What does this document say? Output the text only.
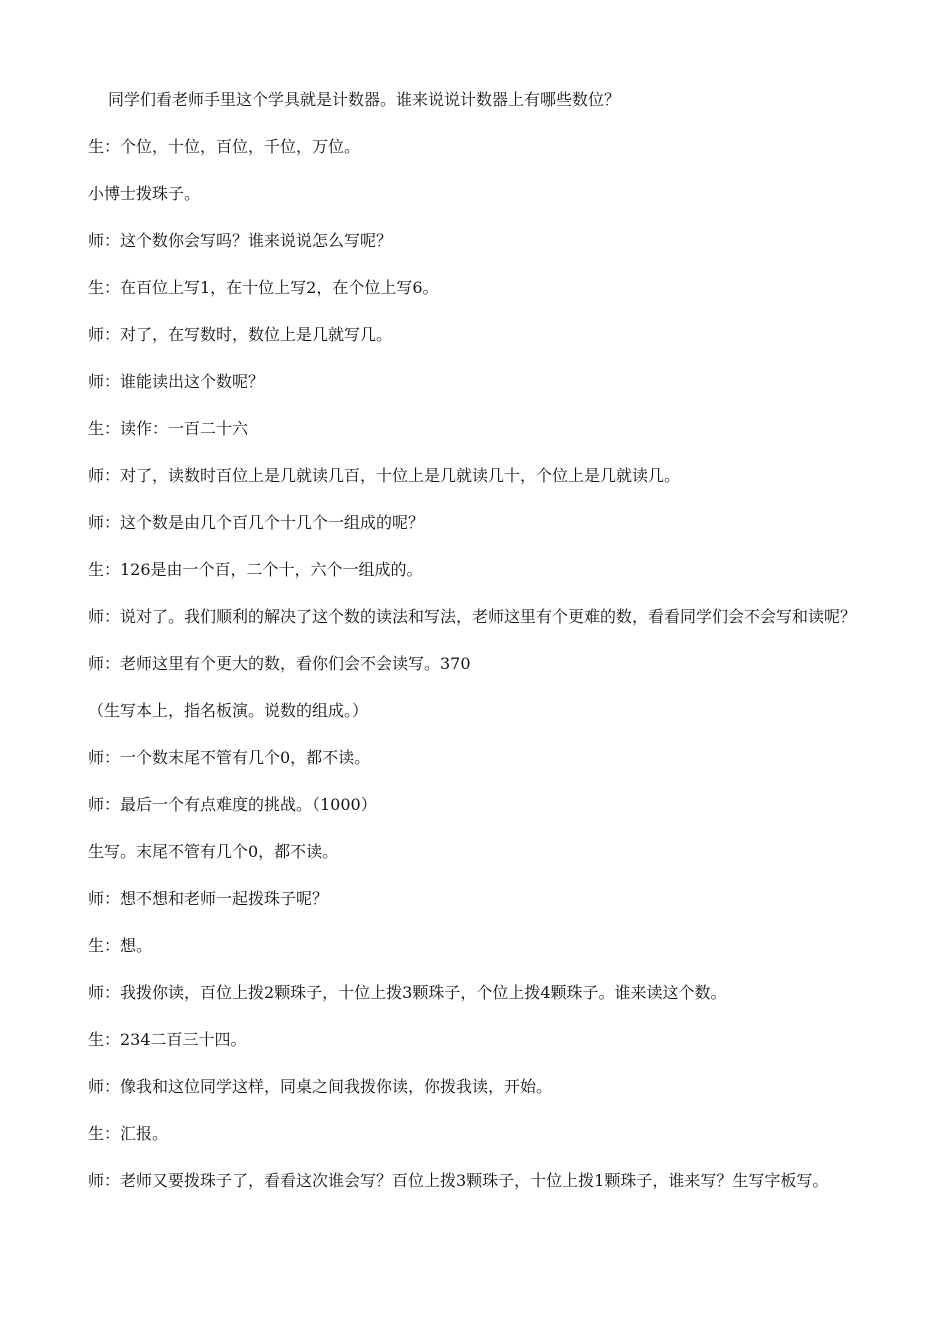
同学们看老师手里这个学具就是计数器。谁来说说计数器上有哪些数位？

生：个位，十位，百位，千位，万位。

小博士拨珠子。

师：这个数你会写吗？谁来说说怎么写呢？

生：在百位上写1，在十位上写2，在个位上写6。

师：对了，在写数时，数位上是几就写几。

师：谁能读出这个数呢？

生：读作：一百二十六

师：对了，读数时百位上是几就读几百，十位上是几就读几十，个位上是几就读几。

师：这个数是由几个百几个十几个一组成的呢？

生：126是由一个百，二个十，六个一组成的。

师：说对了。我们顺利的解决了这个数的读法和写法，老师这里有个更难的数，看看同学们会不会写和读呢？

师：老师这里有个更大的数，看你们会不会读写。370

（生写本上，指名板演。说数的组成。）

师：一个数末尾不管有几个0，都不读。

师：最后一个有点难度的挑战。（1000）

生写。末尾不管有几个0，都不读。

师：想不想和老师一起拨珠子呢？

生：想。

师：我拨你读，百位上拨2颗珠子，十位上拨3颗珠子，个位上拨4颗珠子。谁来读这个数。

生：234二百三十四。

师：像我和这位同学这样，同桌之间我拨你读，你拨我读，开始。

生：汇报。

师：老师又要拨珠子了，看看这次谁会写？百位上拨3颗珠子，十位上拨1颗珠子，谁来写？生写字板写。
